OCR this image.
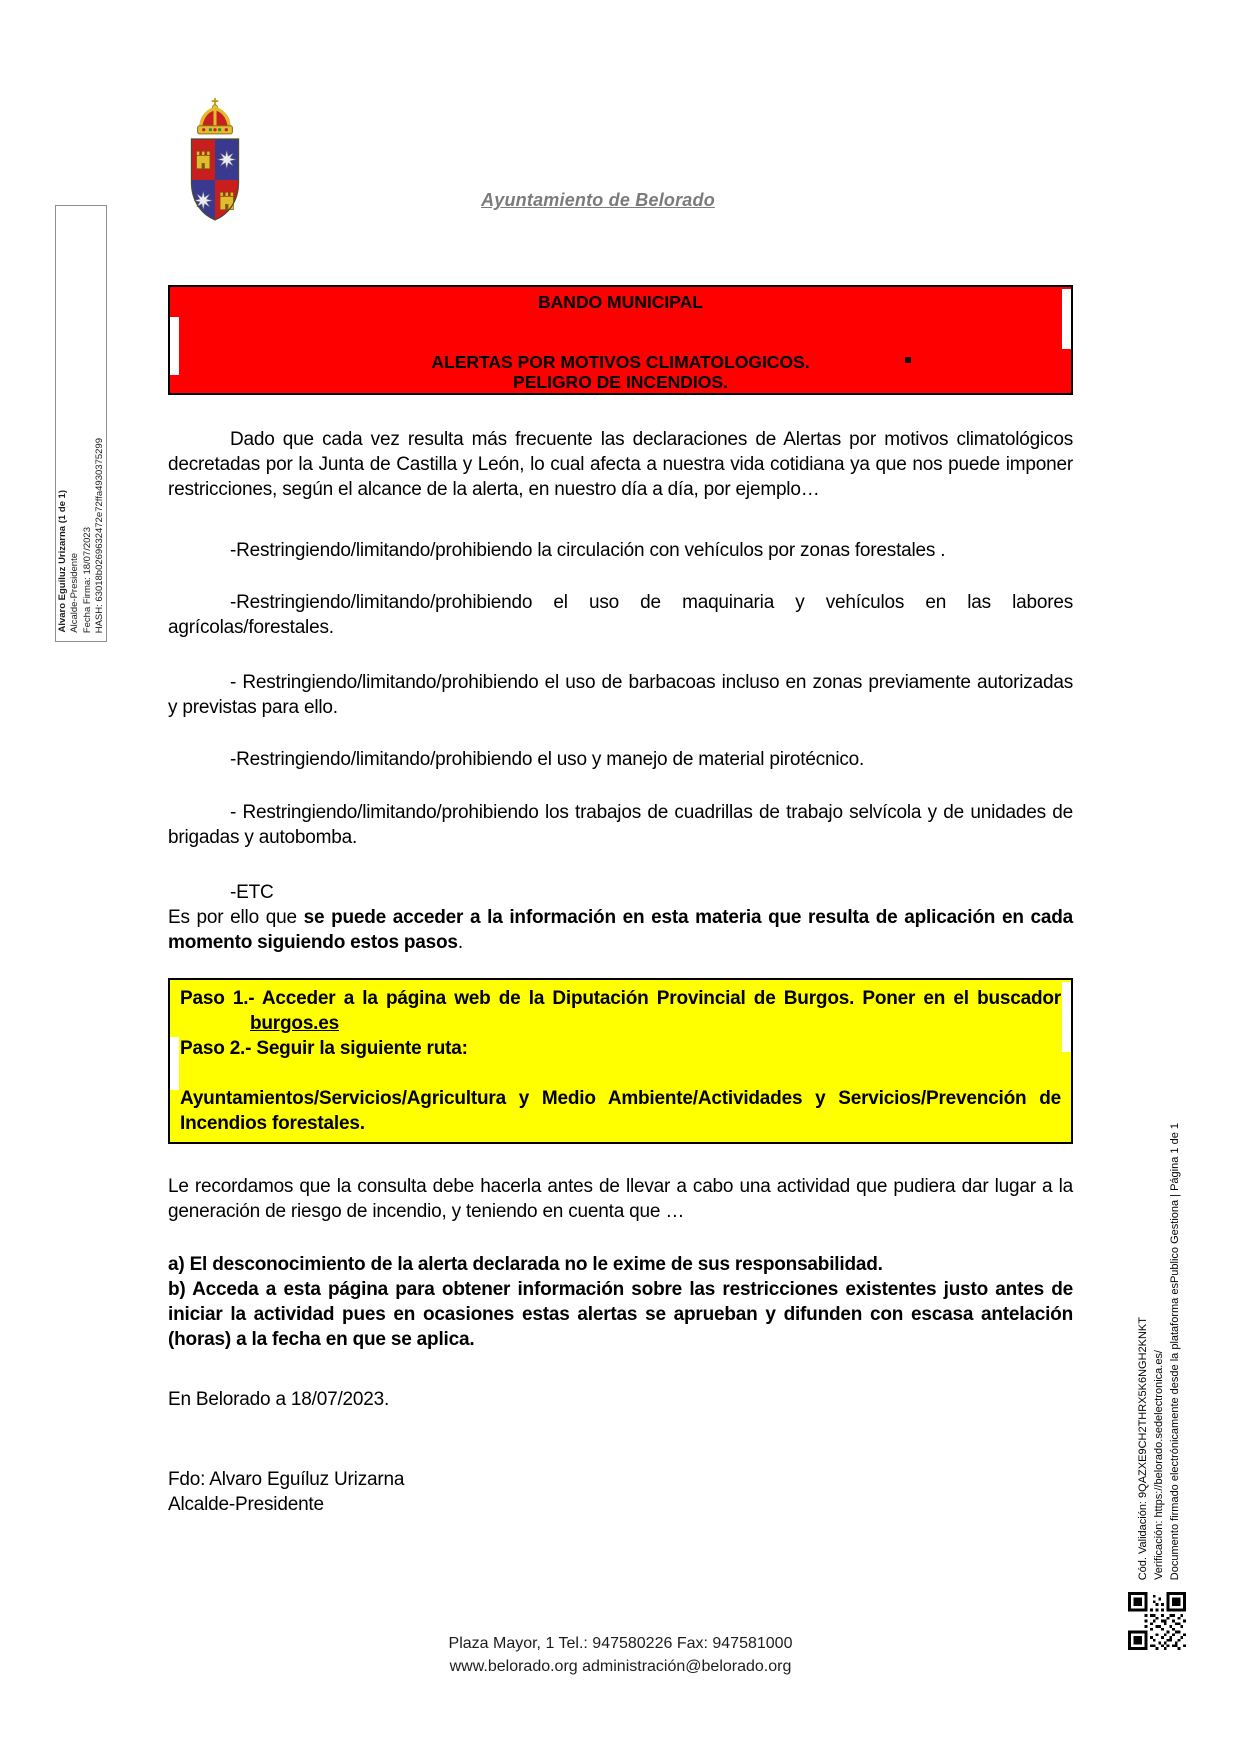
Alvaro Eguíluz Urizarna (1 de 1) Alcalde-Presidente Fecha Firma: 18/07/2023 HASH: 63018b0269632472e72ffa4930375299
Ayuntamiento de Belorado

BANDO MUNICIPAL

ALERTAS POR MOTIVOS CLIMATOLOGICOS.

PELIGRO DE INCENDIOS.

Dado que cada vez resulta más frecuente las declaraciones de Alertas por motivos climatológicos decretadas por la Junta de Castilla y León, lo cual afecta a nuestra vida cotidiana ya que nos puede imponer restricciones, según el alcance de la alerta, en nuestro día a día, por ejemplo…

-Restringiendo/limitando/prohibiendo la circulación con vehículos por zonas forestales .

-Restringiendo/limitando/prohibiendo el uso de maquinaria y vehículos en las labores agrícolas/forestales.

- Restringiendo/limitando/prohibiendo el uso de barbacoas incluso en zonas previamente autorizadas y previstas para ello.

-Restringiendo/limitando/prohibiendo el uso y manejo de material pirotécnico.

- Restringiendo/limitando/prohibiendo los trabajos de cuadrillas de trabajo selvícola y de unidades de brigadas y autobomba.

-ETC

Es por ello que se puede acceder a la información en esta materia que resulta de aplicación en cada momento siguiendo estos pasos.

Paso 1.- Acceder a la página web de la Diputación Provincial de Burgos. Poner en el buscadorburgos.es

Paso 2.- Seguir la siguiente ruta:

Ayuntamientos/Servicios/Agricultura y Medio Ambiente/Actividades y Servicios/Prevención de Incendios forestales.

Le recordamos que la consulta debe hacerla antes de llevar a cabo una actividad que pudiera dar lugar a la generación de riesgo de incendio, y teniendo en cuenta que …

a) El desconocimiento de la alerta declarada no le exime de sus responsabilidad.

b) Acceda a esta página para obtener información sobre las restricciones existentes justo antes de iniciar la actividad pues en ocasiones estas alertas se aprueban y difunden con escasa antelación (horas) a la fecha en que se aplica.

En Belorado a 18/07/2023.

Fdo: Alvaro Eguíluz Urizarna

Alcalde-Presidente

Plaza Mayor, 1 Tel.: 947580226 Fax: 947581000

www.belorado.org administración@belorado.org

Cód. Validación: 9QAZXE9CH2THRX5K6NGH2KNKT Verificación: https://belorado.sedelectronica.es/ Documento firmado electrónicamente desde la plataforma esPublico Gestiona | Página 1 de 1
